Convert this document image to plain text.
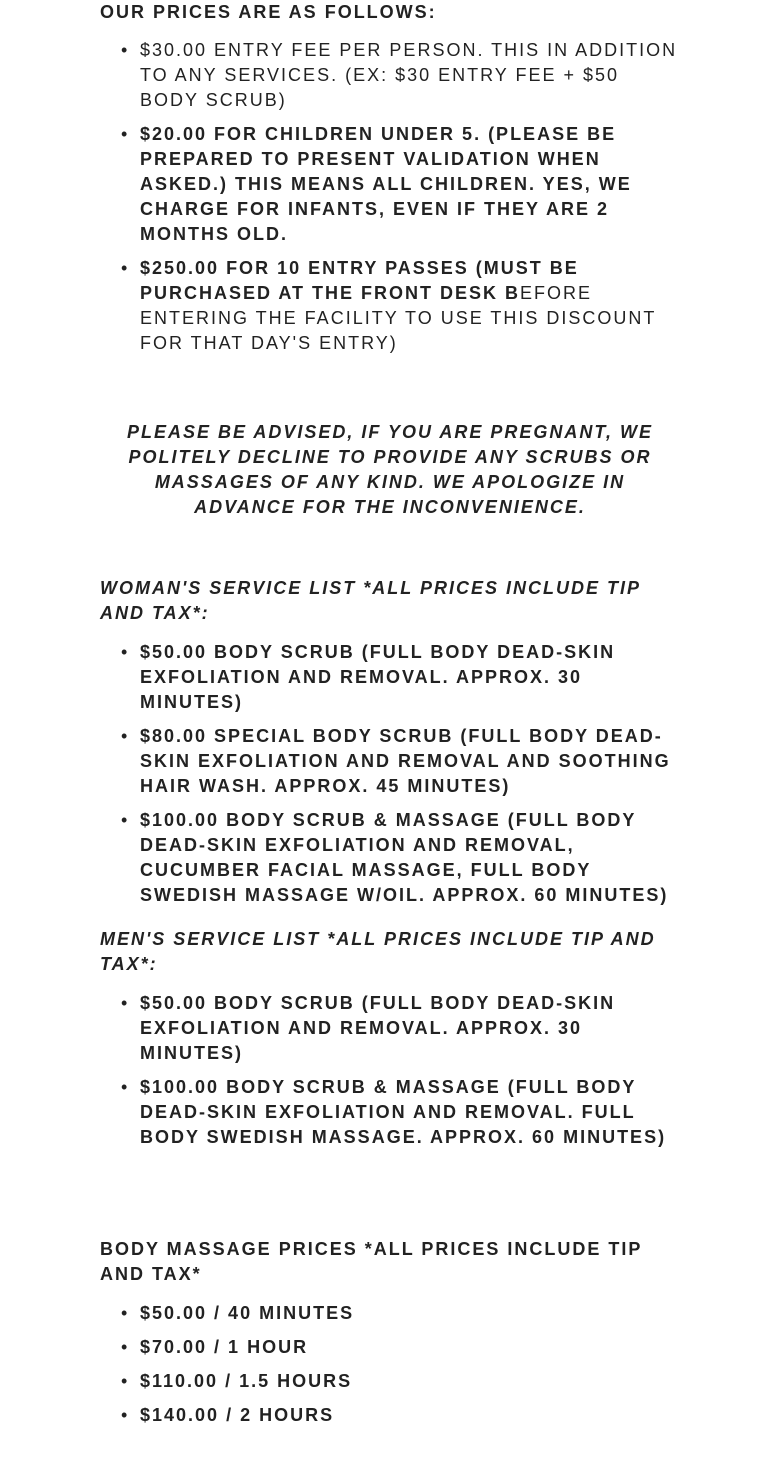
OUR PRICES ARE AS FOLLOWS:

• $30.00 ENTRY FEE PER PERSON. THIS IN ADDITION TO ANY SERVICES. (EX: $30 ENTRY FEE + $50 BODY SCRUB)
• $20.00 FOR CHILDREN UNDER 5. (PLEASE BE PREPARED TO PRESENT VALIDATION WHEN ASKED.) THIS MEANS ALL CHILDREN. YES, WE CHARGE FOR INFANTS, EVEN IF THEY ARE 2 MONTHS OLD.
• $250.00 FOR 10 ENTRY PASSES (MUST BE PURCHASED AT THE FRONT DESK BEFORE ENTERING THE FACILITY TO USE THIS DISCOUNT FOR THAT DAY'S ENTRY)

PLEASE BE ADVISED, IF YOU ARE PREGNANT, WE POLITELY DECLINE TO PROVIDE ANY SCRUBS OR MASSAGES OF ANY KIND. WE APOLOGIZE IN ADVANCE FOR THE INCONVENIENCE.

WOMAN'S SERVICE LIST *ALL PRICES INCLUDE TIP AND TAX*:

• $50.00 BODY SCRUB (FULL BODY DEAD-SKIN EXFOLIATION AND REMOVAL. APPROX. 30 MINUTES)
• $80.00 SPECIAL BODY SCRUB (FULL BODY DEAD-SKIN EXFOLIATION AND REMOVAL AND SOOTHING HAIR WASH. APPROX. 45 MINUTES)
• $100.00 BODY SCRUB & MASSAGE (FULL BODY DEAD-SKIN EXFOLIATION AND REMOVAL, CUCUMBER FACIAL MASSAGE, FULL BODY SWEDISH MASSAGE W/OIL. APPROX. 60 MINUTES)

MEN'S SERVICE LIST *ALL PRICES INCLUDE TIP AND TAX*:

• $50.00 BODY SCRUB (FULL BODY DEAD-SKIN EXFOLIATION AND REMOVAL. APPROX. 30 MINUTES)
• $100.00 BODY SCRUB & MASSAGE (FULL BODY DEAD-SKIN EXFOLIATION AND REMOVAL. FULL BODY SWEDISH MASSAGE. APPROX. 60 MINUTES)

BODY MASSAGE PRICES *ALL PRICES INCLUDE TIP AND TAX*

• $50.00 / 40 MINUTES
• $70.00 / 1 HOUR
• $110.00 / 1.5 HOURS
• $140.00 / 2 HOURS
